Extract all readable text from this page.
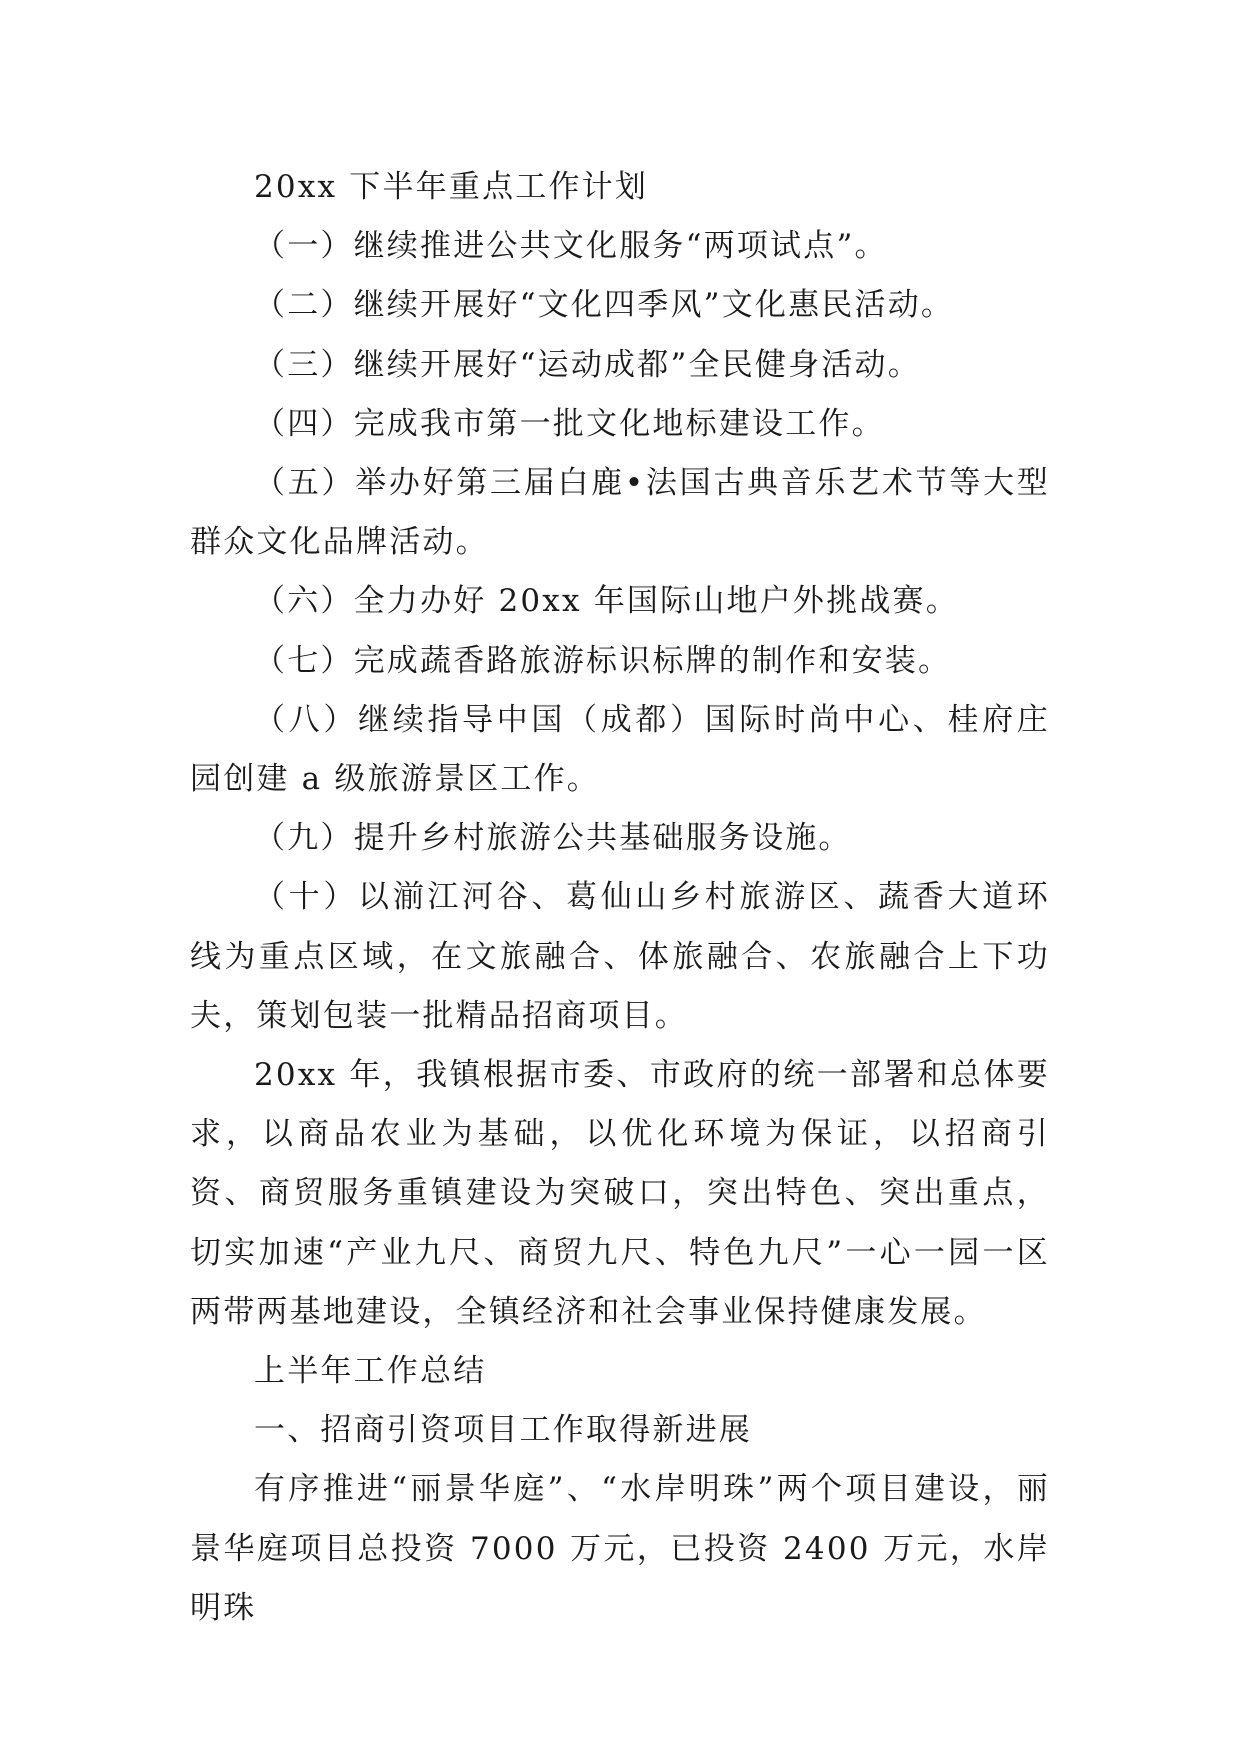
20xx 下半年重点工作计划

（一）继续推进公共文化服务“两项试点”。

（二）继续开展好“文化四季风”文化惠民活动。

（三）继续开展好“运动成都”全民健身活动。

（四）完成我市第一批文化地标建设工作。

（五）举办好第三届白鹿•法国古典音乐艺术节等大型群众文化品牌活动。

（六）全力办好 20xx 年国际山地户外挑战赛。

（七）完成蔬香路旅游标识标牌的制作和安装。

（八）继续指导中国（成都）国际时尚中心、桂府庄园创建 a 级旅游景区工作。

（九）提升乡村旅游公共基础服务设施。

（十）以湔江河谷、葛仙山乡村旅游区、蔬香大道环线为重点区域，在文旅融合、体旅融合、农旅融合上下功夫，策划包装一批精品招商项目。

20xx 年，我镇根据市委、市政府的统一部署和总体要求，以商品农业为基础，以优化环境为保证，以招商引资、商贸服务重镇建设为突破口，突出特色、突出重点，切实加速“产业九尺、商贸九尺、特色九尺”一心一园一区两带两基地建设，全镇经济和社会事业保持健康发展。

上半年工作总结

一、招商引资项目工作取得新进展

有序推进“丽景华庭”、“水岸明珠”两个项目建设，丽景华庭项目总投资 7000 万元，已投资 2400 万元，水岸明珠
